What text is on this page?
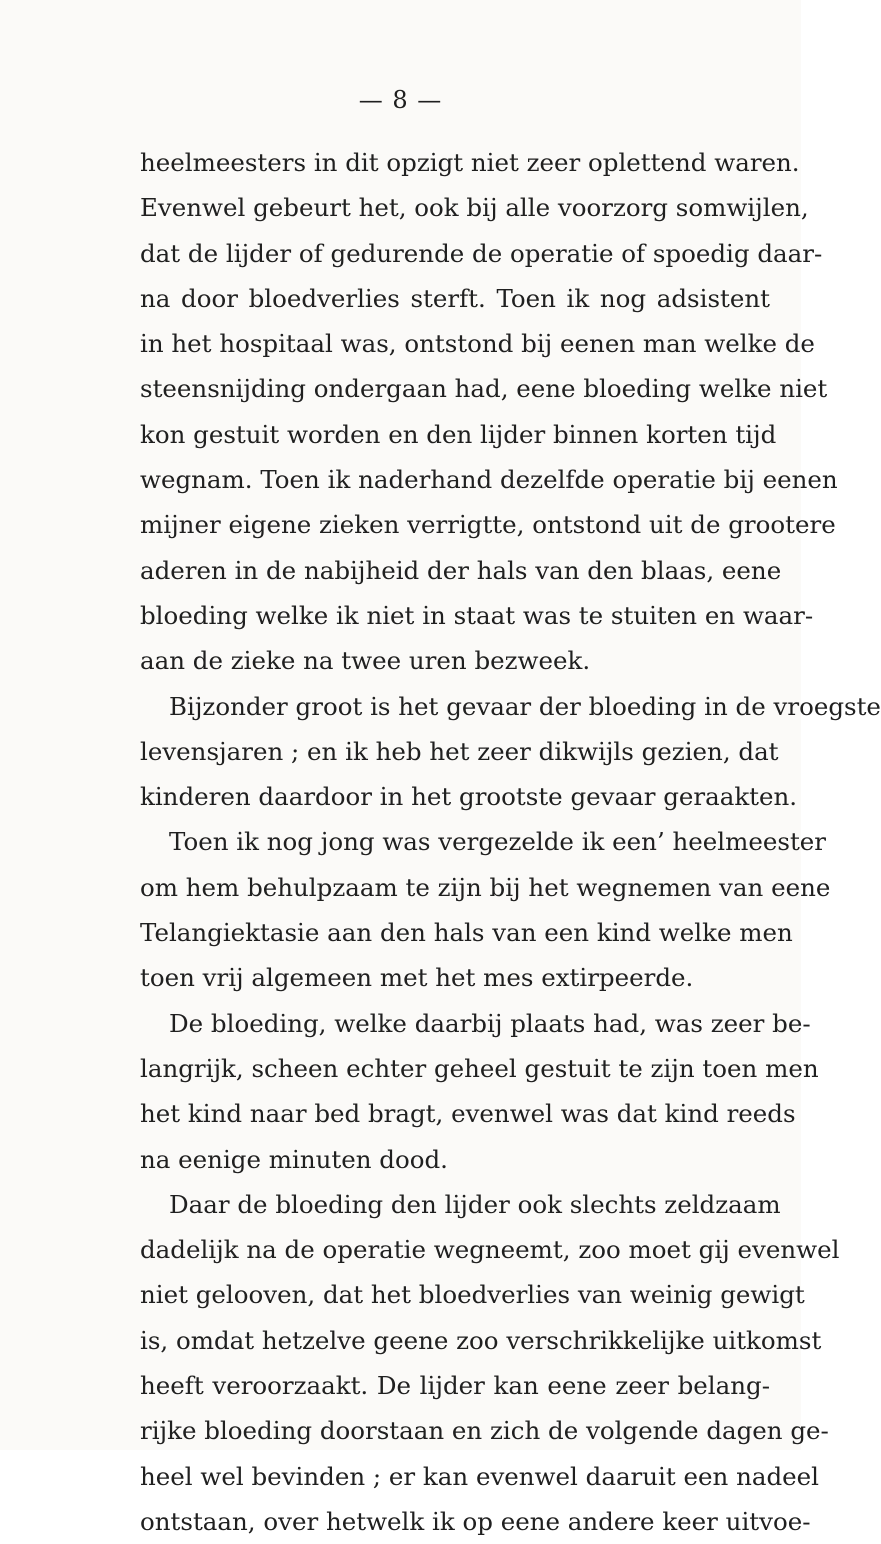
— 8 —
heelmeesters in dit opzigt niet zeer oplettend waren.
Evenwel gebeurt het, ook bij alle voorzorg somwijlen,
dat de lijder of gedurende de operatie of spoedig daar-
na door bloedverlies sterft. Toen ik nog adsistent
in het hospitaal was, ontstond bij eenen man welke de
steensnijding ondergaan had, eene bloeding welke niet
kon gestuit worden en den lijder binnen korten tijd
wegnam. Toen ik naderhand dezelfde operatie bij eenen
mijner eigene zieken verrigtte, ontstond uit de grootere
aderen in de nabijheid der hals van den blaas, eene
bloeding welke ik niet in staat was te stuiten en waar-
aan de zieke na twee uren bezweek.
Bijzonder groot is het gevaar der bloeding in de vroegste
levensjaren ; en ik heb het zeer dikwijls gezien, dat
kinderen daardoor in het grootste gevaar geraakten.
Toen ik nog jong was vergezelde ik een’ heelmeester
om hem behulpzaam te zijn bij het wegnemen van eene
Telangiektasie aan den hals van een kind welke men
toen vrij algemeen met het mes extirpeerde.
De bloeding, welke daarbij plaats had, was zeer be-
langrijk, scheen echter geheel gestuit te zijn toen men
het kind naar bed bragt, evenwel was dat kind reeds
na eenige minuten dood.
Daar de bloeding den lijder ook slechts zeldzaam
dadelijk na de operatie wegneemt, zoo moet gij evenwel
niet gelooven, dat het bloedverlies van weinig gewigt
is, omdat hetzelve geene zoo verschrikkelijke uitkomst
heeft veroorzaakt. De lijder kan eene zeer belang-
rijke bloeding doorstaan en zich de volgende dagen ge-
heel wel bevinden ; er kan evenwel daaruit een nadeel
ontstaan, over hetwelk ik op eene andere keer uitvoe-
